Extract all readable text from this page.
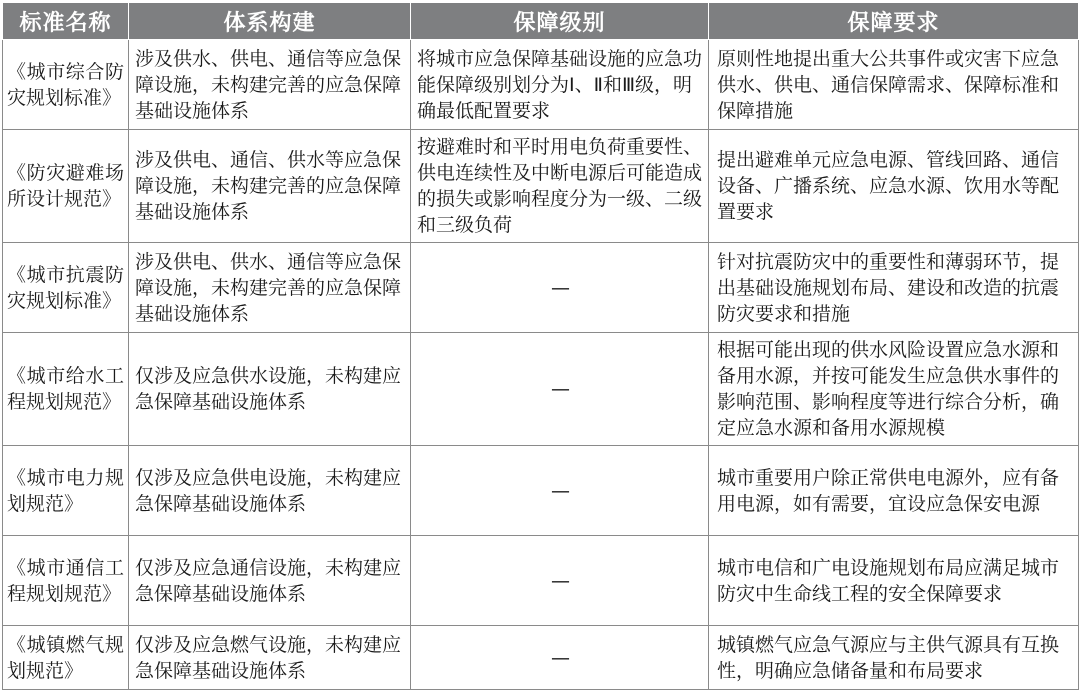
标准名称	体系构建	保障级别	保障要求
《城市综合防灾规划标准》	涉及供水、供电、通信等应急保障设施，未构建完善的应急保障基础设施体系	将城市应急保障基础设施的应急功能保障级别划分为Ⅰ、Ⅱ和Ⅲ级，明确最低配置要求	原则性地提出重大公共事件或灾害下应急供水、供电、通信保障需求、保障标准和保障措施
《防灾避难场所设计规范》	涉及供电、通信、供水等应急保障设施，未构建完善的应急保障基础设施体系	按避难时和平时用电负荷重要性、供电连续性及中断电源后可能造成的损失或影响程度分为一级、二级和三级负荷	提出避难单元应急电源、管线回路、通信设备、广播系统、应急水源、饮用水等配置要求
《城市抗震防灾规划标准》	涉及供电、供水、通信等应急保障设施，未构建完善的应急保障基础设施体系	—	针对抗震防灾中的重要性和薄弱环节，提出基础设施规划布局、建设和改造的抗震防灾要求和措施
《城市给水工程规划规范》	仅涉及应急供水设施，未构建应急保障基础设施体系	—	根据可能出现的供水风险设置应急水源和备用水源，并按可能发生应急供水事件的影响范围、影响程度等进行综合分析，确定应急水源和备用水源规模
《城市电力规划规范》	仅涉及应急供电设施，未构建应急保障基础设施体系	—	城市重要用户除正常供电电源外，应有备用电源，如有需要，宜设应急保安电源
《城市通信工程规划规范》	仅涉及应急通信设施，未构建应急保障基础设施体系	—	城市电信和广电设施规划布局应满足城市防灾中生命线工程的安全保障要求
《城镇燃气规划规范》	仅涉及应急燃气设施，未构建应急保障基础设施体系	—	城镇燃气应急气源应与主供气源具有互换性，明确应急储备量和布局要求
